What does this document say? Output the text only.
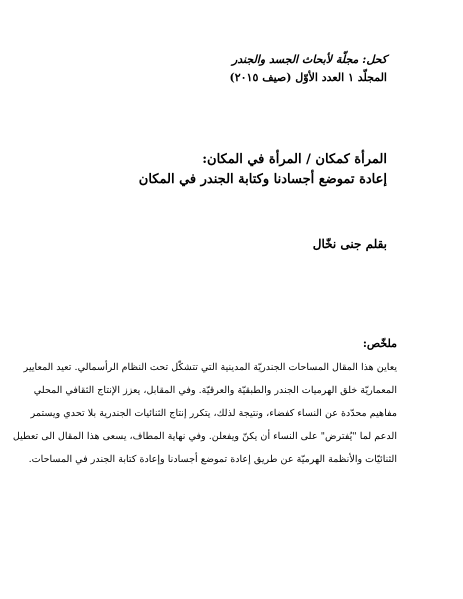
كحل: مجلّة لأبحاث الجسد والجندر

المجلّد ١ العدد الأوّل (صيف ٢٠١٥)

المرأة كمكان / المرأة في المكان:

إعادة تموضع أجسادنا وكتابة الجندر في المكان

بقلم جنى نخّال

ملخّص:

يعاين هذا المقال المساحات الجندريّة المدينية التي تتشكّل تحت النظام الرأسمالي. تعيد المعايير

المعماريّة خلق الهرميات الجندر والطبقيّة والعرقيّة. وفي المقابل، يعزز الإنتاج الثقافي المحلي

مفاهيم محدّدة عن النساء كفضاء، ونتيجة لذلك، يتكرر إنتاج الثنائيات الجندرية بلا تحدي ويستمر

الدعم لما "يُفترض" على النساء أن يكنّ ويفعلن. وفي نهاية المطاف، يسعى هذا المقال الى تعطيل

الثنائيّات والأنظمة الهرميّة عن طريق إعادة تموضع أجسادنا وإعادة كتابة الجندر في المساحات.
